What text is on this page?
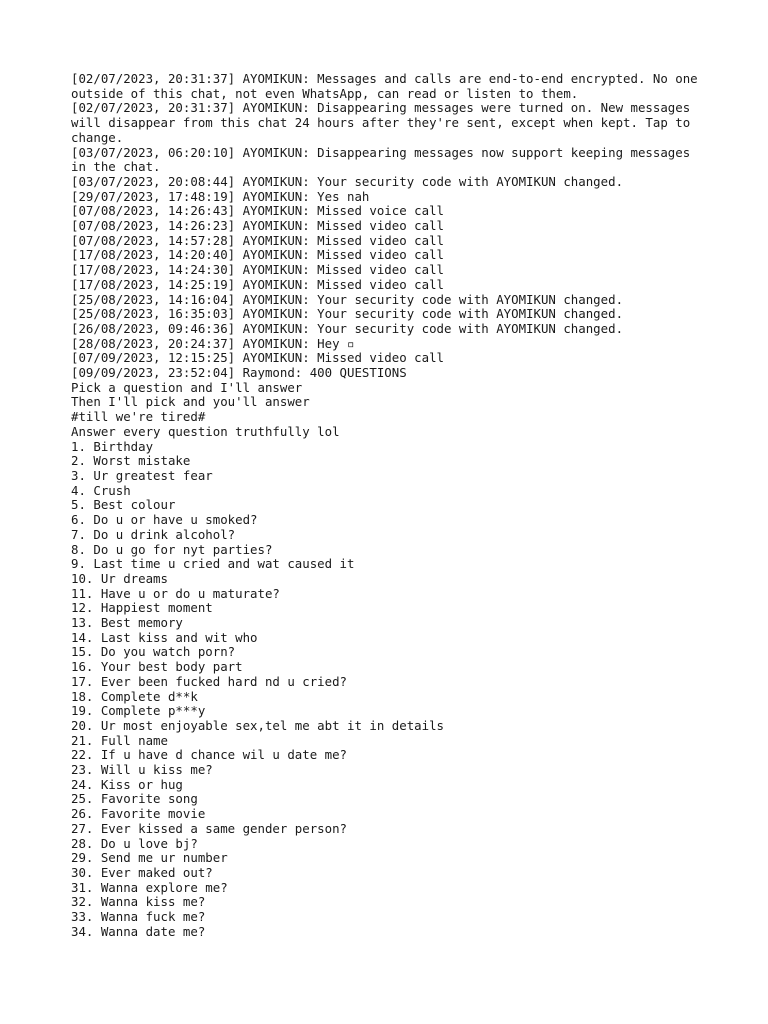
[02/07/2023, 20:31:37] AYOMIKUN: Messages and calls are end-to-end encrypted. No one outside of this chat, not even WhatsApp, can read or listen to them.
[02/07/2023, 20:31:37] AYOMIKUN: Disappearing messages were turned on. New messages will disappear from this chat 24 hours after they're sent, except when kept. Tap to change.
[03/07/2023, 06:20:10] AYOMIKUN: Disappearing messages now support keeping messages in the chat.
[03/07/2023, 20:08:44] AYOMIKUN: Your security code with AYOMIKUN changed.
[29/07/2023, 17:48:19] AYOMIKUN: Yes nah
[07/08/2023, 14:26:43] AYOMIKUN: Missed voice call
[07/08/2023, 14:26:23] AYOMIKUN: Missed video call
[07/08/2023, 14:57:28] AYOMIKUN: Missed video call
[17/08/2023, 14:20:40] AYOMIKUN: Missed video call
[17/08/2023, 14:24:30] AYOMIKUN: Missed video call
[17/08/2023, 14:25:19] AYOMIKUN: Missed video call
[25/08/2023, 14:16:04] AYOMIKUN: Your security code with AYOMIKUN changed.
[25/08/2023, 16:35:03] AYOMIKUN: Your security code with AYOMIKUN changed.
[26/08/2023, 09:46:36] AYOMIKUN: Your security code with AYOMIKUN changed.
[28/08/2023, 20:24:37] AYOMIKUN: Hey ▫
[07/09/2023, 12:15:25] AYOMIKUN: Missed video call
[09/09/2023, 23:52:04] Raymond: 400 QUESTIONS
Pick a question and I'll answer
Then I'll pick and you'll answer
#till we're tired#
Answer every question truthfully lol
1. Birthday
2. Worst mistake
3. Ur greatest fear
4. Crush
5. Best colour
6. Do u or have u smoked?
7. Do u drink alcohol?
8. Do u go for nyt parties?
9. Last time u cried and wat caused it
10. Ur dreams
11. Have u or do u maturate?
12. Happiest moment
13. Best memory
14. Last kiss and wit who
15. Do you watch porn?
16. Your best body part
17. Ever been fucked hard nd u cried?
18. Complete d**k
19. Complete p***y
20. Ur most enjoyable sex,tel me abt it in details
21. Full name
22. If u have d chance wil u date me?
23. Will u kiss me?
24. Kiss or hug
25. Favorite song
26. Favorite movie
27. Ever kissed a same gender person?
28. Do u love bj?
29. Send me ur number
30. Ever maked out?
31. Wanna explore me?
32. Wanna kiss me?
33. Wanna fuck me?
34. Wanna date me?
